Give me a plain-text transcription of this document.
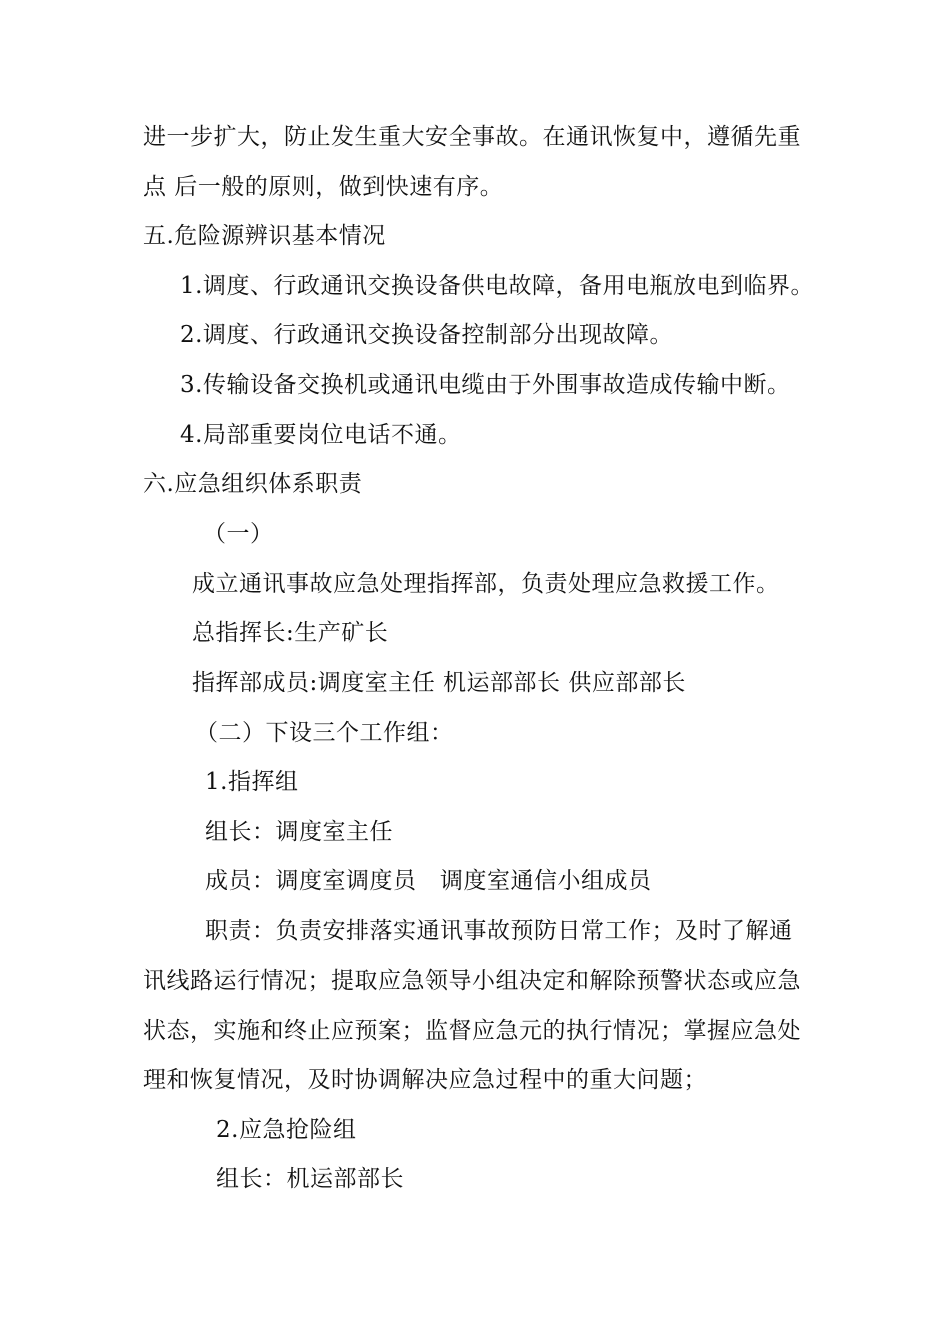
进一步扩大，防止发生重大安全事故。在通讯恢复中，遵循先重
点 后一般的原则，做到快速有序。
五.危险源辨识基本情况
1.调度、行政通讯交换设备供电故障，备用电瓶放电到临界。
2.调度、行政通讯交换设备控制部分出现故障。
3.传输设备交换机或通讯电缆由于外围事故造成传输中断。
4.局部重要岗位电话不通。
六.应急组织体系职责
（一）
成立通讯事故应急处理指挥部，负责处理应急救援工作。
总指挥长:生产矿长
指挥部成员:调度室主任 机运部部长 供应部部长
（二）下设三个工作组：
1.指挥组
组长：调度室主任
成员：调度室调度员　调度室通信小组成员
职责：负责安排落实通讯事故预防日常工作；及时了解通
讯线路运行情况；提取应急领导小组决定和解除预警状态或应急
状态，实施和终止应预案；监督应急元的执行情况；掌握应急处
理和恢复情况，及时协调解决应急过程中的重大问题；
2.应急抢险组
组长：机运部部长
